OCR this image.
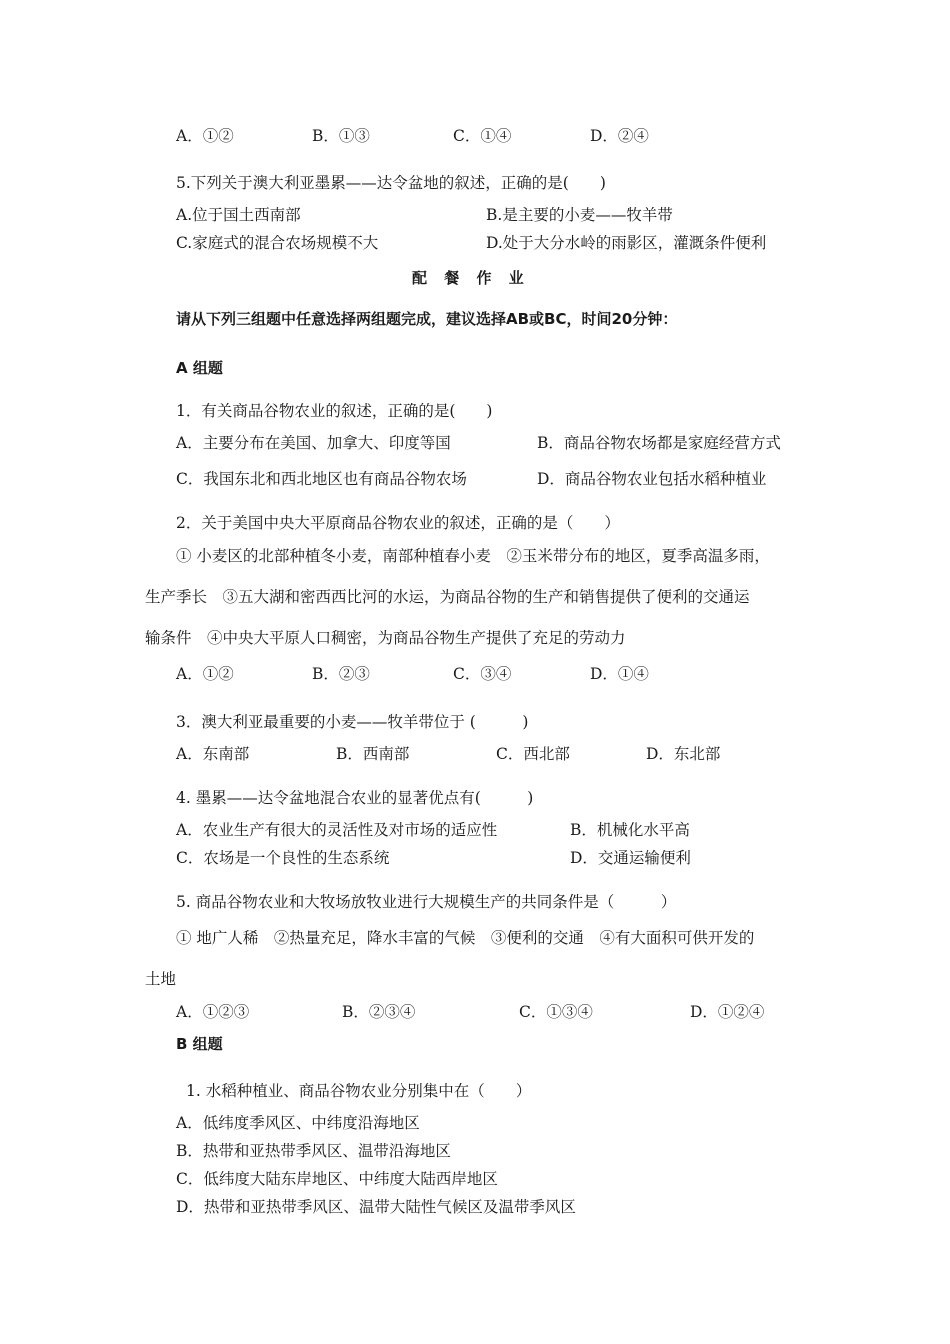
A．①②	B．①③	C．①④	D．②④
5.下列关于澳大利亚墨累——达令盆地的叙述，正确的是(　　)
A.位于国土西南部	B.是主要的小麦——牧羊带
C.家庭式的混合农场规模不大	D.处于大分水岭的雨影区，灌溉条件便利
配 餐 作 业
请从下列三组题中任意选择两组题完成，建议选择AB或BC，时间20分钟：
A 组题
1．有关商品谷物农业的叙述，正确的是(　　)
A．主要分布在美国、加拿大、印度等国	B．商品谷物农场都是家庭经营方式
C．我国东北和西北地区也有商品谷物农场	D．商品谷物农业包括水稻种植业
2．关于美国中央大平原商品谷物农业的叙述，正确的是（　　）
① 小麦区的北部种植冬小麦，南部种植春小麦　②玉米带分布的地区，夏季高温多雨，
生产季长　③五大湖和密西西比河的水运，为商品谷物的生产和销售提供了便利的交通运
输条件　④中央大平原人口稠密，为商品谷物生产提供了充足的劳动力
A．①②	B．②③	C．③④	D．①④
3．澳大利亚最重要的小麦——牧羊带位于 (　　　)
A．东南部	B．西南部	C．西北部	D．东北部
4. 墨累——达令盆地混合农业的显著优点有(　　　)
A．农业生产有很大的灵活性及对市场的适应性	B．机械化水平高
C．农场是一个良性的生态系统	D．交通运输便利
5. 商品谷物农业和大牧场放牧业进行大规模生产的共同条件是（　　　）
① 地广人稀　②热量充足，降水丰富的气候　③便利的交通　④有大面积可供开发的
土地
A．①②③	B．②③④	C．①③④	D．①②④
B 组题
1. 水稻种植业、商品谷物农业分别集中在（　　）
A．低纬度季风区、中纬度沿海地区
B．热带和亚热带季风区、温带沿海地区
C．低纬度大陆东岸地区、中纬度大陆西岸地区
D．热带和亚热带季风区、温带大陆性气候区及温带季风区
